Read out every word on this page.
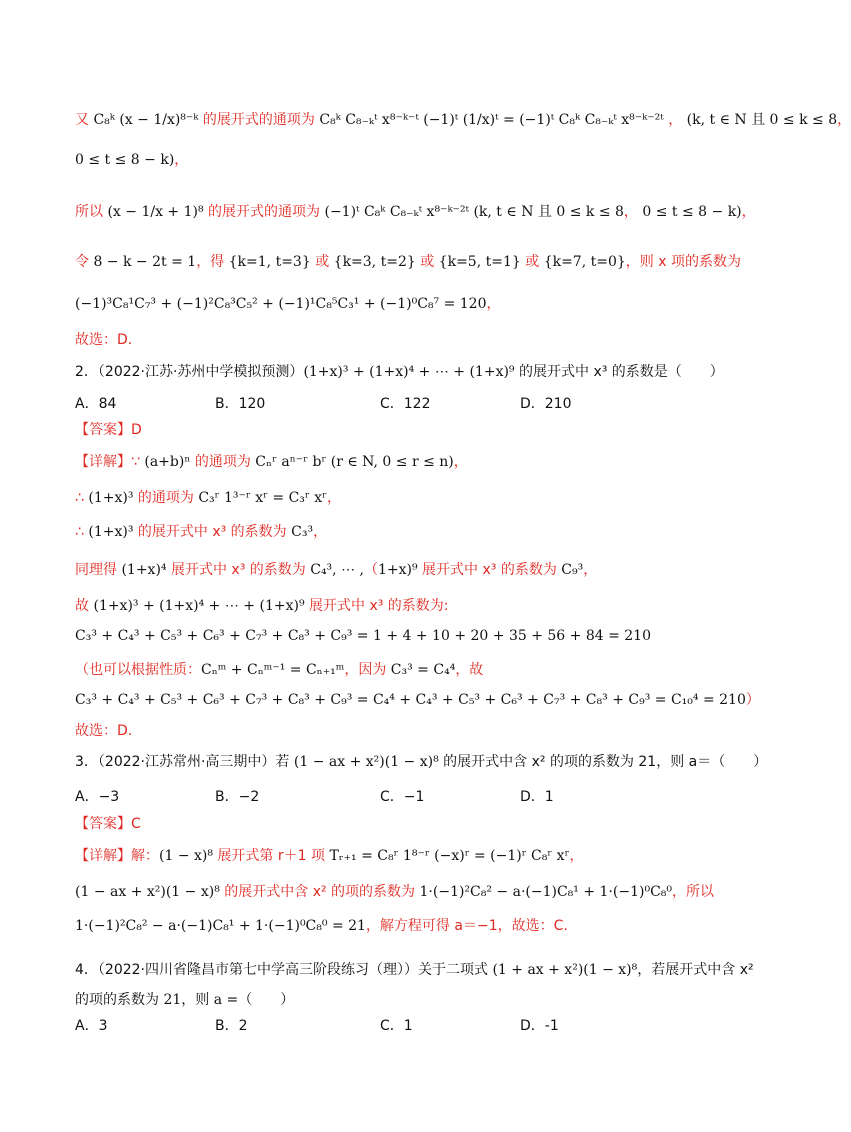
又 C₈ᵏ (x − 1/x)⁸⁻ᵏ 的展开式的通项为 C₈ᵏ C₈₋ₖᵗ x⁸⁻ᵏ⁻ᵗ (−1)ᵗ (1/x)ᵗ = (−1)ᵗ C₈ᵏ C₈₋ₖᵗ x⁸⁻ᵏ⁻²ᵗ ， (k, t ∈ N 且 0 ≤ k ≤ 8，
0 ≤ t ≤ 8 − k)，
所以 (x − 1/x + 1)⁸ 的展开式的通项为 (−1)ᵗ C₈ᵏ C₈₋ₖᵗ x⁸⁻ᵏ⁻²ᵗ (k, t ∈ N 且 0 ≤ k ≤ 8， 0 ≤ t ≤ 8 − k)，
令 8 − k − 2t = 1，得 {k=1, t=3} 或 {k=3, t=2} 或 {k=5, t=1} 或 {k=7, t=0}，则 x 项的系数为
(−1)³C₈¹C₇³ + (−1)²C₈³C₅² + (−1)¹C₈⁵C₃¹ + (−1)⁰C₈⁷ = 120，
故选：D.
2．（2022·江苏·苏州中学模拟预测）(1+x)³ + (1+x)⁴ + ⋯ + (1+x)⁹ 的展开式中 x³ 的系数是（　　）
A．84	B．120	C．122	D．210
【答案】D
【详解】∵ (a+b)ⁿ 的通项为 Cₙʳ aⁿ⁻ʳ bʳ (r ∈ N, 0 ≤ r ≤ n)，
∴ (1+x)³ 的通项为 C₃ʳ 1³⁻ʳ xʳ = C₃ʳ xʳ，
∴ (1+x)³ 的展开式中 x³ 的系数为 C₃³，
同理得 (1+x)⁴ 展开式中 x³ 的系数为 C₄³, ⋯ ,（1+x)⁹ 展开式中 x³ 的系数为 C₉³，
故 (1+x)³ + (1+x)⁴ + ⋯ + (1+x)⁹ 展开式中 x³ 的系数为:
C₃³ + C₄³ + C₅³ + C₆³ + C₇³ + C₈³ + C₉³ = 1 + 4 + 10 + 20 + 35 + 56 + 84 = 210
（也可以根据性质：Cₙᵐ + Cₙᵐ⁻¹ = Cₙ₊₁ᵐ，因为 C₃³ = C₄⁴，故
C₃³ + C₄³ + C₅³ + C₆³ + C₇³ + C₈³ + C₉³ = C₄⁴ + C₄³ + C₅³ + C₆³ + C₇³ + C₈³ + C₉³ = C₁₀⁴ = 210）
故选：D.
3．（2022·江苏常州·高三期中）若 (1 − ax + x²)(1 − x)⁸ 的展开式中含 x² 的项的系数为 21，则 a＝（　　）
A．−3	B．−2	C．−1	D．1
【答案】C
【详解】解：(1 − x)⁸ 展开式第 r＋1 项 Tᵣ₊₁ = C₈ʳ 1⁸⁻ʳ (−x)ʳ = (−1)ʳ C₈ʳ xʳ，
(1 − ax + x²)(1 − x)⁸ 的展开式中含 x² 的项的系数为 1·(−1)²C₈² − a·(−1)C₈¹ + 1·(−1)⁰C₈⁰，所以
1·(−1)²C₈² − a·(−1)C₈¹ + 1·(−1)⁰C₈⁰ = 21，解方程可得 a＝−1，故选：C.
4．（2022·四川省隆昌市第七中学高三阶段练习（理））关于二项式 (1 + ax + x²)(1 − x)⁸，若展开式中含 x²
的项的系数为 21，则 a =（　　）
A．3	B．2	C．1	D．-1
